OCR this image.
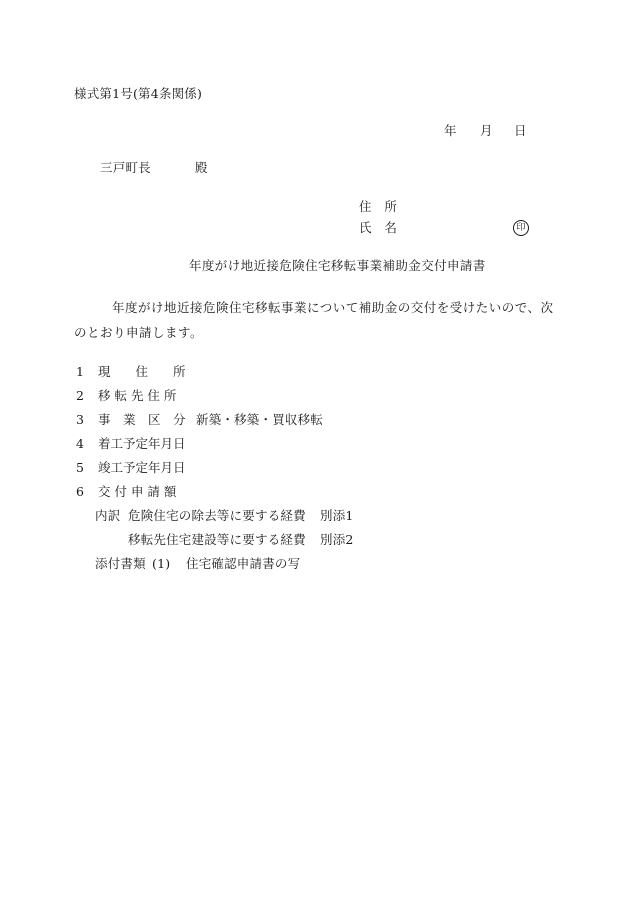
様式第1号(第4条関係)
年 月 日
三戸町長	殿
住　所
氏　名	印
年度がけ地近接危険住宅移転事業補助金交付申請書
年度がけ地近接危険住宅移転事業について補助金の交付を受けたいので、次のとおり申請します。
1 現　　住　　所
2 移 転 先 住 所
3 事　業　区　分 新築・移築・買収移転
4 着工予定年月日
5 竣工予定年月日
6 交 付 申 請 額
内訳 危険住宅の除去等に要する経費 別添1
移転先住宅建設等に要する経費 別添2
添付書類 (1) 住宅確認申請書の写
